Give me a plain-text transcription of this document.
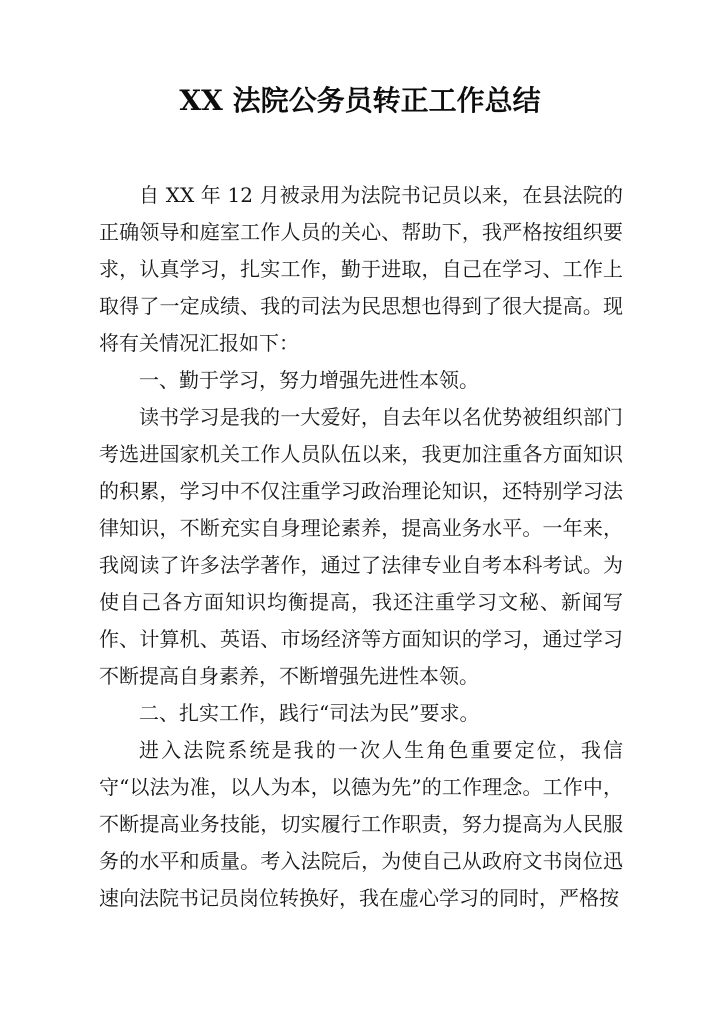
XX 法院公务员转正工作总结

自 XX 年 12 月被录用为法院书记员以来，在县法院的正确领导和庭室工作人员的关心、帮助下，我严格按组织要求，认真学习，扎实工作，勤于进取，自己在学习、工作上取得了一定成绩、我的司法为民思想也得到了很大提高。现将有关情况汇报如下：

一、勤于学习，努力增强先进性本领。

读书学习是我的一大爱好，自去年以名优势被组织部门考选进国家机关工作人员队伍以来，我更加注重各方面知识的积累，学习中不仅注重学习政治理论知识，还特别学习法律知识，不断充实自身理论素养，提高业务水平。一年来，我阅读了许多法学著作，通过了法律专业自考本科考试。为使自己各方面知识均衡提高，我还注重学习文秘、新闻写作、计算机、英语、市场经济等方面知识的学习，通过学习不断提高自身素养，不断增强先进性本领。

二、扎实工作，践行“司法为民”要求。

进入法院系统是我的一次人生角色重要定位，我信守“以法为准，以人为本，以德为先”的工作理念。工作中，不断提高业务技能，切实履行工作职责，努力提高为人民服务的水平和质量。考入法院后，为使自己从政府文书岗位迅速向法院书记员岗位转换好，我在虚心学习的同时，严格按
